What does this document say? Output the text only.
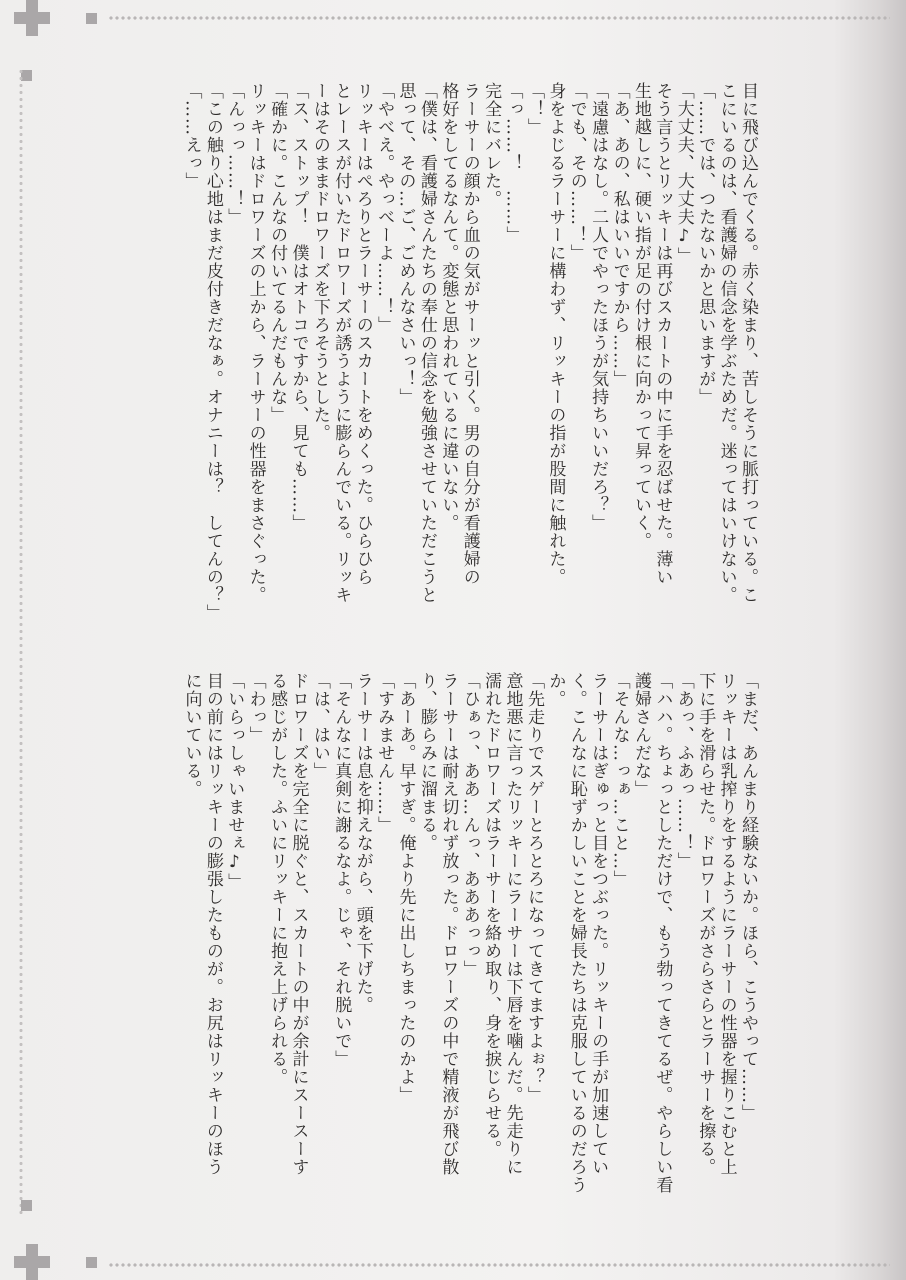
目に飛び込んでくる。赤く染まり、苦しそうに脈打っている。こ
こにいるのは、看護婦の信念を学ぶためだ。迷ってはいけない。
「……では、つたないかと思いますが」
「大丈夫、大丈夫♪」
そう言うとリッキーは再びスカートの中に手を忍ばせた。薄い
生地越しに、硬い指が足の付け根に向かって昇っていく。
「あ、あの、私はいいですから……」
「遠慮はなし。二人でやったほうが気持ちいいだろ？」
「でも、その……！」
身をよじるラーサーに構わず、リッキーの指が股間に触れた。
「！」
「っ……！　……」
完全にバレた。
ラーサーの顔から血の気がサーッと引く。男の自分が看護婦の
格好をしてるなんて。変態と思われているに違いない。
「僕は、看護婦さんたちの奉仕の信念を勉強させていただこうと
思って、その…ご、ごめんなさいっ！」
「やべえ。やっべーよ……！」
リッキーはぺろりとラーサーのスカートをめくった。ひらひら
とレースが付いたドロワーズが誘うように膨らんでいる。リッキ
ーはそのままドロワーズを下ろそうとした。
「ス、ストップ！　僕はオトコですから、見ても……」
「確かに。こんなの付いてるんだもんな」
リッキーはドロワーズの上から、ラーサーの性器をまさぐった。
「んっっ……！」
「この触り心地はまだ皮付きだなぁ。オナニーは？　してんの？」
「……えっ」
「まだ、あんまり経験ないか。ほら、こうやって……」
リッキーは乳搾りをするようにラーサーの性器を握りこむと上
下に手を滑らせた。ドロワーズがさらさらとラーサーを擦る。
「あっ、ふあっ……！」
「ハハ。ちょっとしただけで、もう勃ってきてるぜ。やらしい看
護婦さんだな」
「そんな…っぁ…こと…」
ラーサーはぎゅっと目をつぶった。リッキーの手が加速してい
く。こんなに恥ずかしいことを婦長たちは克服しているのだろう
か。
「先走りでスゲーとろとろになってきてますよぉ？」
意地悪に言ったリッキーにラーサーは下唇を噛んだ。先走りに
濡れたドロワーズはラーサーを絡め取り、身を捩じらせる。
「ひぁっ、ああ…んっ、あああっっ」
ラーサーは耐え切れず放った。ドロワーズの中で精液が飛び散
り、膨らみに溜まる。
「あーあ。早すぎ。俺より先に出しちまったのかよ」
「すみません……」
ラーサーは息を抑えながら、頭を下げた。
「そんなに真剣に謝るなよ。じゃ、それ脱いで」
「は、はい」
ドロワーズを完全に脱ぐと、スカートの中が余計にスースーす
る感じがした。ふいにリッキーに抱え上げられる。
「わっ」
「いらっしゃいませぇ♪」
目の前にはリッキーの膨張したものが。お尻はリッキーのほう
に向いている。
